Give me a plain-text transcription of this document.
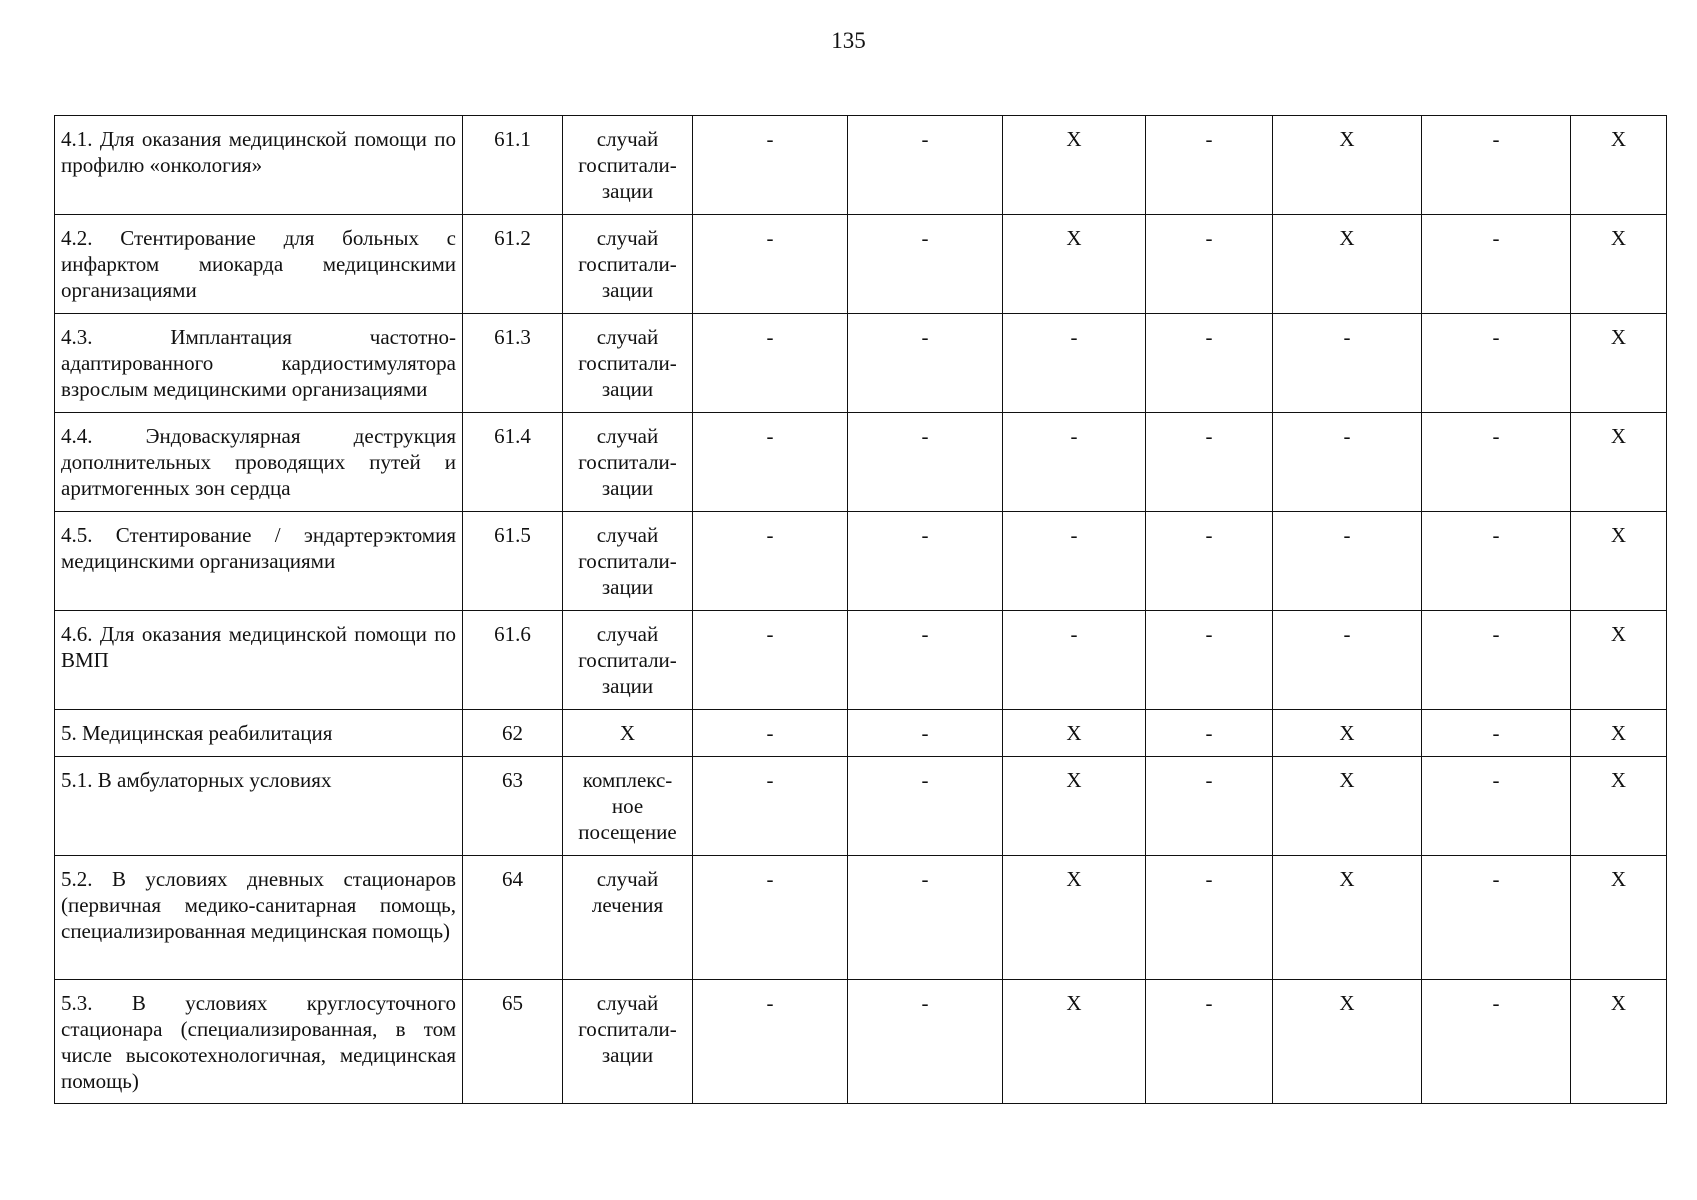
135
4.1. Для оказания медицинской помощи по профилю «онкология»	61.1	случай госпитали-зации	-	-	X	-	X	-	X
4.2. Стентирование для больных с инфарктом миокарда медицинскими организациями	61.2	случай госпитали-зации	-	-	X	-	X	-	X
4.3. Имплантация частотно-адаптированного кардиостимулятора взрослым медицинскими организациями	61.3	случай госпитали-зации	-	-	-	-	-	-	X
4.4. Эндоваскулярная деструкция дополнительных проводящих путей и аритмогенных зон сердца	61.4	случай госпитали-зации	-	-	-	-	-	-	X
4.5. Стентирование / эндартерэктомия медицинскими организациями	61.5	случай госпитали-зации	-	-	-	-	-	-	X
4.6. Для оказания медицинской помощи по ВМП	61.6	случай госпитали-зации	-	-	-	-	-	-	X
5. Медицинская реабилитация	62	X	-	-	X	-	X	-	X
5.1. В амбулаторных условиях	63	комплекс-ное посещение	-	-	X	-	X	-	X
5.2. В условиях дневных стационаров (первичная медико-санитарная помощь, специализированная медицинская помощь)	64	случай лечения	-	-	X	-	X	-	X
5.3. В условиях круглосуточного стационара (специализированная, в том числе высокотехнологичная, медицинская помощь)	65	случай госпитали-зации	-	-	X	-	X	-	X
